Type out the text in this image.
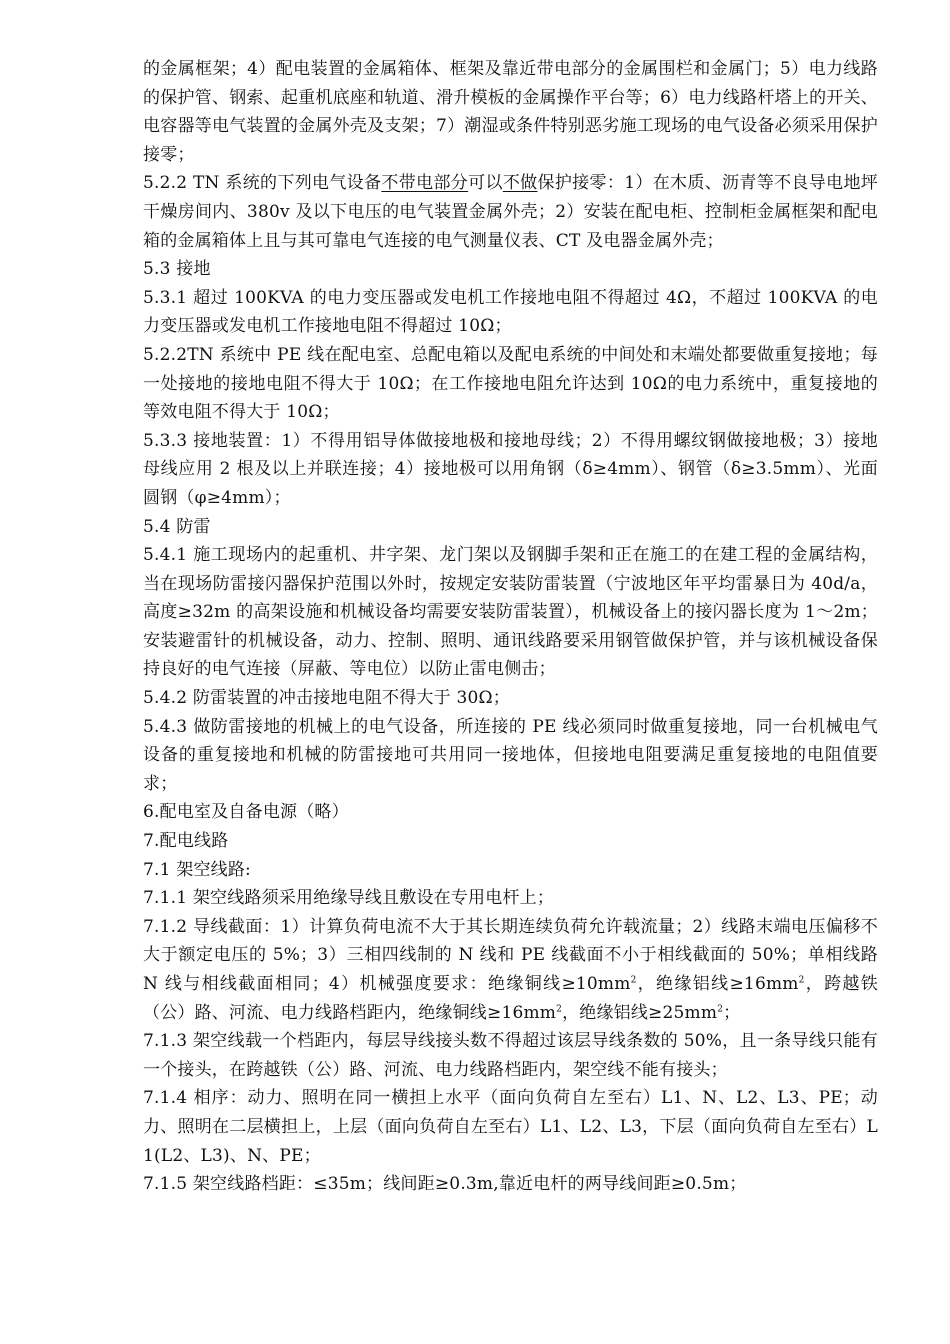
的金属框架；4）配电装置的金属箱体、框架及靠近带电部分的金属围栏和金属门；5）电力线路的保护管、钢索、起重机底座和轨道、滑升模板的金属操作平台等；6）电力线路杆塔上的开关、电容器等电气装置的金属外壳及支架；7）潮湿或条件特别恶劣施工现场的电气设备必须采用保护接零；

5.2.2 TN 系统的下列电气设备不带电部分可以不做保护接零：1）在木质、沥青等不良导电地坪干燥房间内、380v 及以下电压的电气装置金属外壳；2）安装在配电柜、控制柜金属框架和配电箱的金属箱体上且与其可靠电气连接的电气测量仪表、CT 及电器金属外壳；

5.3 接地

5.3.1 超过 100KVA 的电力变压器或发电机工作接地电阻不得超过 4Ω，不超过 100KVA 的电力变压器或发电机工作接地电阻不得超过 10Ω；

5.2.2TN 系统中 PE 线在配电室、总配电箱以及配电系统的中间处和末端处都要做重复接地；每一处接地的接地电阻不得大于 10Ω；在工作接地电阻允许达到 10Ω的电力系统中，重复接地的等效电阻不得大于 10Ω；

5.3.3 接地装置：1）不得用铝导体做接地极和接地母线；2）不得用螺纹钢做接地极；3）接地母线应用 2 根及以上并联连接；4）接地极可以用角钢（δ≥4mm）、钢管（δ≥3.5mm）、光面圆钢（φ≥4mm）；

5.4 防雷

5.4.1 施工现场内的起重机、井字架、龙门架以及钢脚手架和正在施工的在建工程的金属结构，当在现场防雷接闪器保护范围以外时，按规定安装防雷装置（宁波地区年平均雷暴日为 40d/a，高度≥32m 的高架设施和机械设备均需要安装防雷装置），机械设备上的接闪器长度为 1～2m；安装避雷针的机械设备，动力、控制、照明、通讯线路要采用钢管做保护管，并与该机械设备保持良好的电气连接（屏蔽、等电位）以防止雷电侧击；

5.4.2 防雷装置的冲击接地电阻不得大于 30Ω；

5.4.3 做防雷接地的机械上的电气设备，所连接的 PE 线必须同时做重复接地，同一台机械电气设备的重复接地和机械的防雷接地可共用同一接地体，但接地电阻要满足重复接地的电阻值要求；

6.配电室及自备电源（略）

7.配电线路

7.1 架空线路:

7.1.1 架空线路须采用绝缘导线且敷设在专用电杆上；

7.1.2 导线截面：1）计算负荷电流不大于其长期连续负荷允许载流量；2）线路末端电压偏移不大于额定电压的 5%；3）三相四线制的 N 线和 PE 线截面不小于相线截面的 50%；单相线路 N 线与相线截面相同；4）机械强度要求：绝缘铜线$\ge 10mm^2$，绝缘铝线$\ge 16mm^2$，跨越铁（公）路、河流、电力线路档距内，绝缘铜线$\ge 16mm^2$，绝缘铝线$\ge 25mm^2$；

7.1.3 架空线载一个档距内，每层导线接头数不得超过该层导线条数的 50%，且一条导线只能有一个接头，在跨越铁（公）路、河流、电力线路档距内，架空线不能有接头；

7.1.4 相序：动力、照明在同一横担上水平（面向负荷自左至右）L1、N、L2、L3、PE；动力、照明在二层横担上，上层（面向负荷自左至右）L1、L2、L3，下层（面向负荷自左至右）L1(L2、L3)、N、PE；

7.1.5 架空线路档距：≤35m；线间距≥0.3m,靠近电杆的两导线间距≥0.5m；
